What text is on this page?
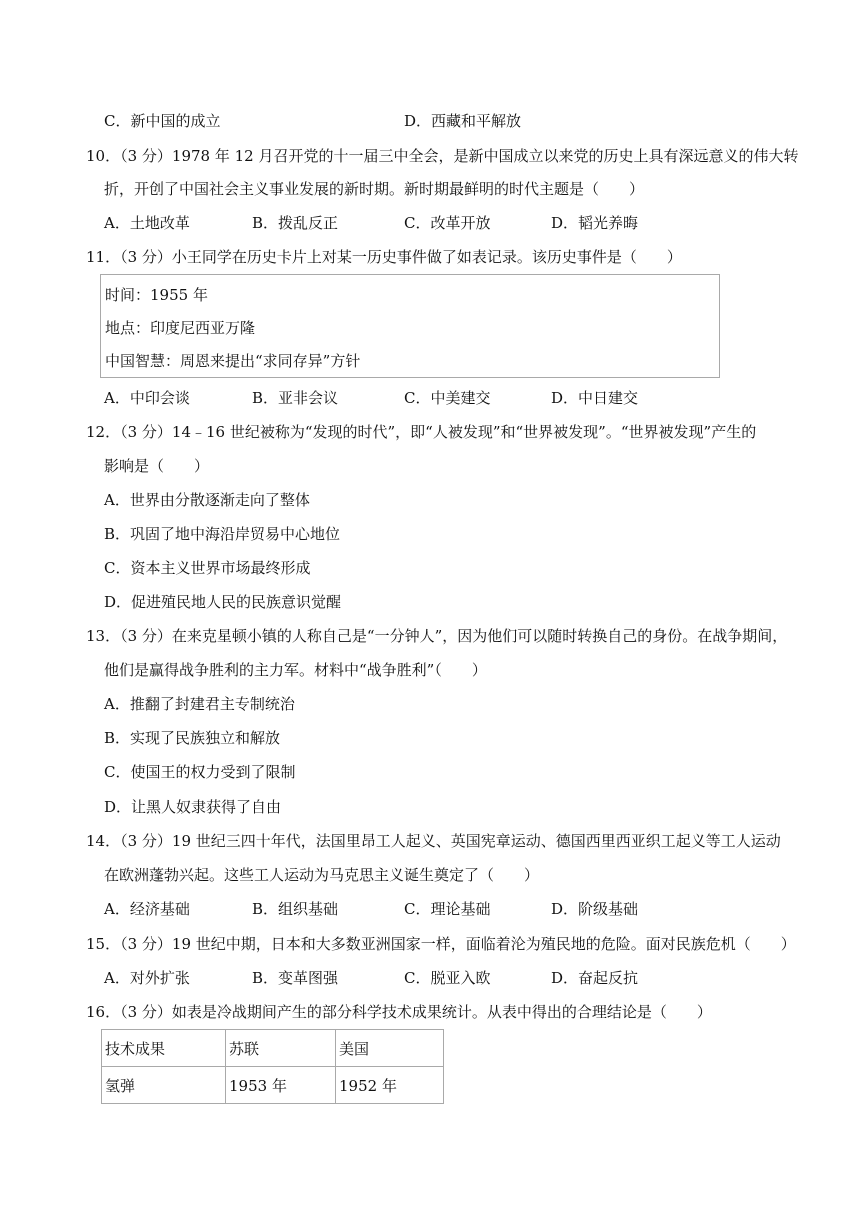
C．新中国的成立	D．西藏和平解放
10．（3 分）1978 年 12 月召开党的十一届三中全会，是新中国成立以来党的历史上具有深远意义的伟大转
折，开创了中国社会主义事业发展的新时期。新时期最鲜明的时代主题是（　　）
A．土地改革	B．拨乱反正	C．改革开放	D．韬光养晦
11．（3 分）小王同学在历史卡片上对某一历史事件做了如表记录。该历史事件是（　　）
时间：1955 年
地点：印度尼西亚万隆
中国智慧：周恩来提出“求同存异”方针
A．中印会谈	B．亚非会议	C．中美建交	D．中日建交
12．（3 分）14﹣16 世纪被称为“发现的时代”，即“人被发现”和“世界被发现”。“世界被发现”产生的
影响是（　　）
A．世界由分散逐渐走向了整体
B．巩固了地中海沿岸贸易中心地位
C．资本主义世界市场最终形成
D．促进殖民地人民的民族意识觉醒
13．（3 分）在来克星顿小镇的人称自己是“一分钟人”，因为他们可以随时转换自己的身份。在战争期间，
他们是赢得战争胜利的主力军。材料中“战争胜利”（　　）
A．推翻了封建君主专制统治
B．实现了民族独立和解放
C．使国王的权力受到了限制
D．让黑人奴隶获得了自由
14．（3 分）19 世纪三四十年代，法国里昂工人起义、英国宪章运动、德国西里西亚织工起义等工人运动
在欧洲蓬勃兴起。这些工人运动为马克思主义诞生奠定了（　　）
A．经济基础	B．组织基础	C．理论基础	D．阶级基础
15．（3 分）19 世纪中期，日本和大多数亚洲国家一样，面临着沦为殖民地的危险。面对民族危机（　　）
A．对外扩张	B．变革图强	C．脱亚入欧	D．奋起反抗
16．（3 分）如表是冷战期间产生的部分科学技术成果统计。从表中得出的合理结论是（　　）
技术成果	苏联	美国
氢弹	1953 年	1952 年
